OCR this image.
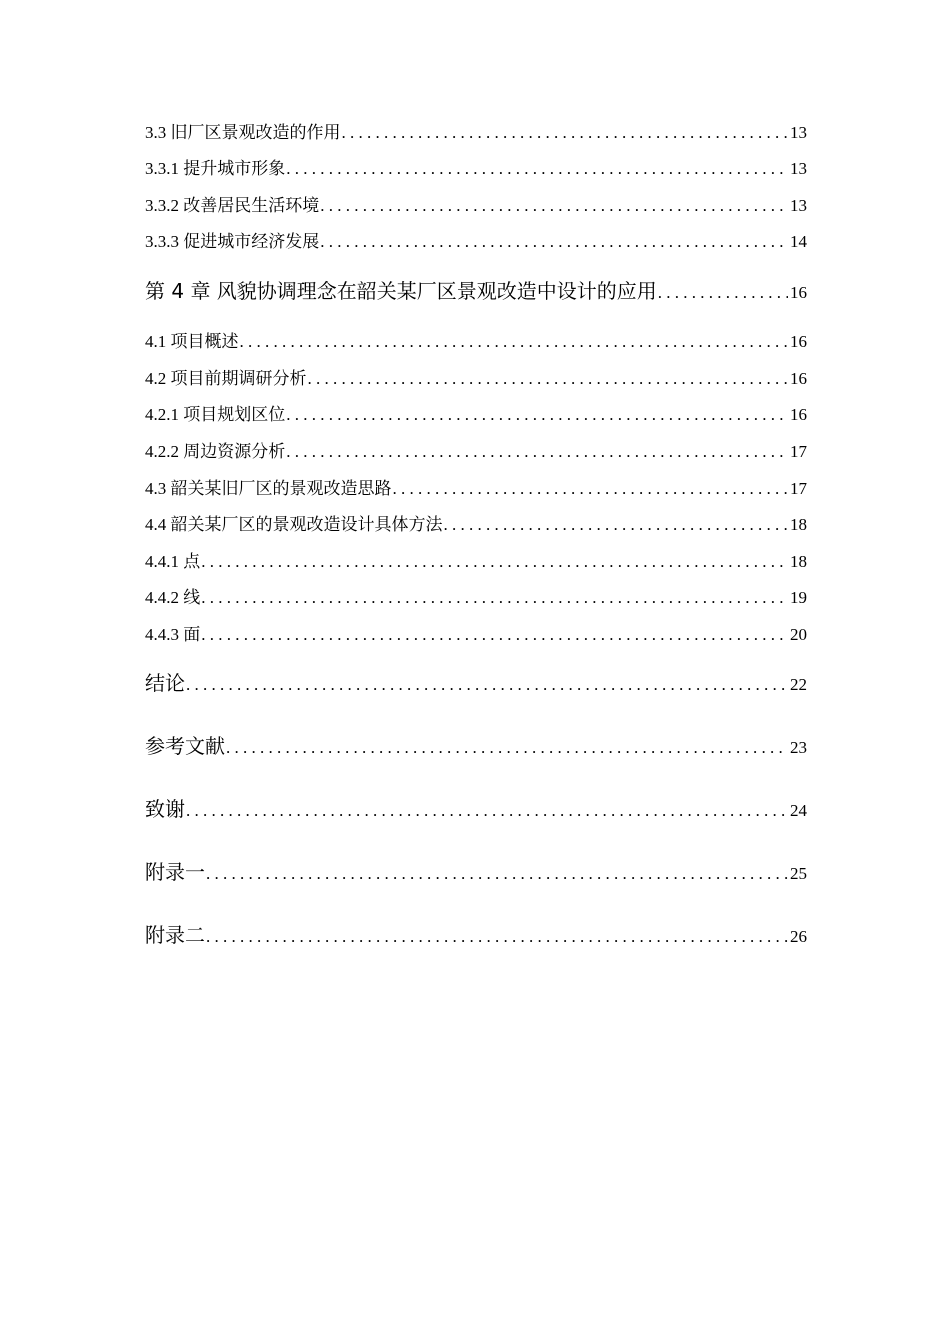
3.3 旧厂区景观改造的作用 . . .	13
3.3.1 提升城市形象 . . .	13
3.3.2 改善居民生活环境 . . .	13
3.3.3 促进城市经济发展 . . .	14
第 4 章 风貌协调理念在韶关某厂区景观改造中设计的应用 . . .	16
4.1 项目概述 . . .	16
4.2 项目前期调研分析 . . .	16
4.2.1 项目规划区位 . . .	16
4.2.2 周边资源分析 . . .	17
4.3 韶关某旧厂区的景观改造思路 . . .	17
4.4 韶关某厂区的景观改造设计具体方法 . . .	18
4.4.1 点 . . .	18
4.4.2 线 . . .	19
4.4.3 面 . . .	20
结论 . . .	22
参考文献 . . .	23
致谢 . . .	24
附录一 . . .	25
附录二 . . .	26
